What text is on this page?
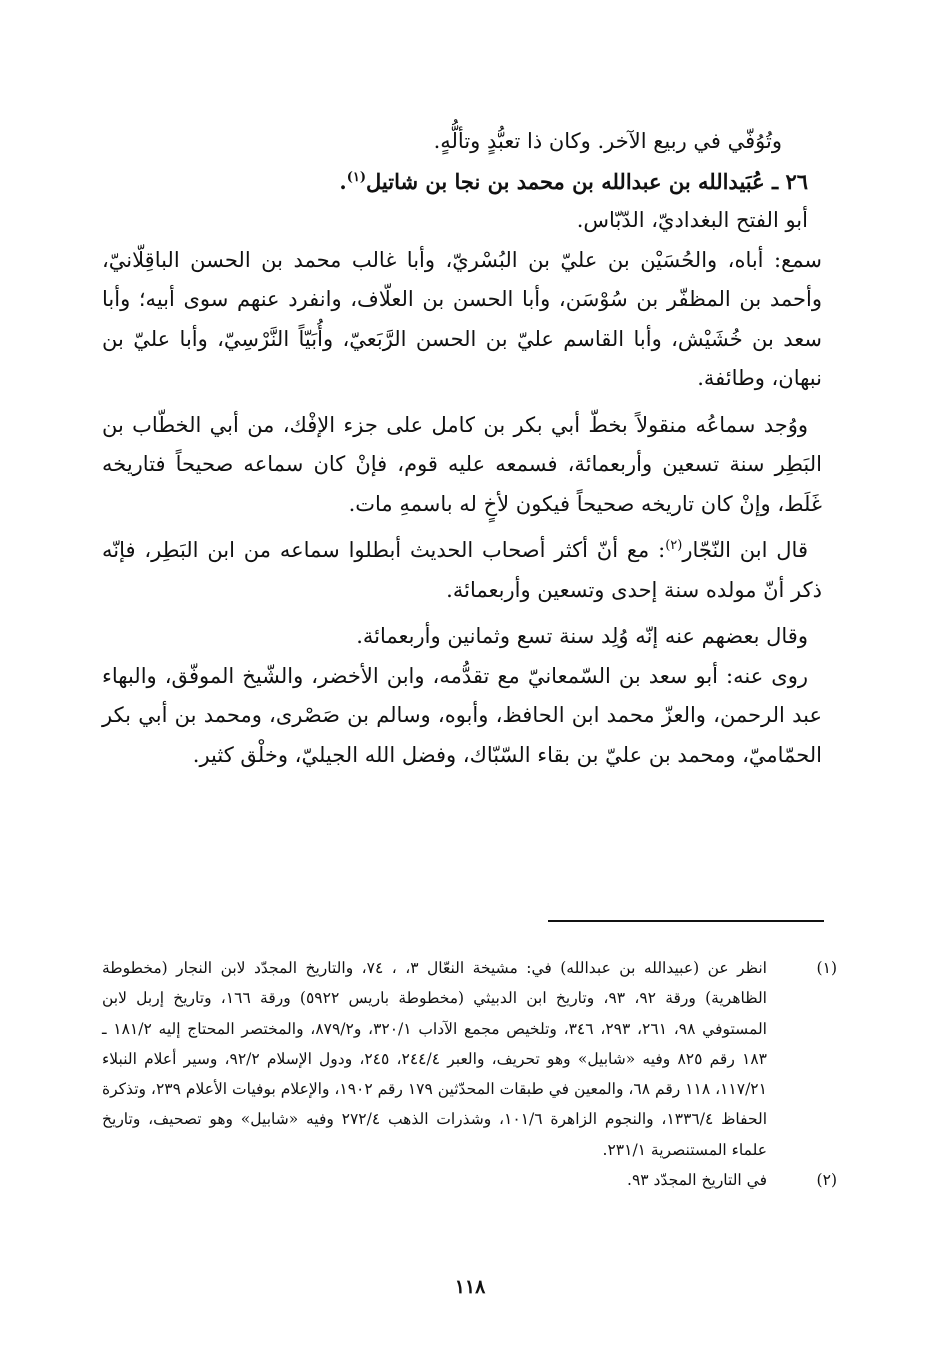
وتُوُفّي في ربيع الآخر. وكان ذا تعبُّدٍ وتألُّهٍ.

٢٦ ـ عُبَيدالله بن عبدالله بن محمد بن نجا بن شاتيل$^{(١)}$.

أبو الفتح البغداديّ، الدّبّاس.

سمع: أباه، والحُسَيْن بن عليّ بن البُسْريّ، وأبا غالب محمد بن الحسن الباقِلّانيّ، وأحمد بن المظفّر بن سُوْسَن، وأبا الحسن بن العلّاف، وانفرد عنهم سوى أبيه؛ وأبا سعد بن خُشَيْش، وأبا القاسم عليّ بن الحسن الرَّبَعيّ، وأُبَيّاً النَّرْسِيّ، وأبا عليّ بن نبهان، وطائفة.

ووُجد سماعُه منقولاً بخطّ أبي بكر بن كامل على جزء الإفْك، من أبي الخطّاب بن البَطِر سنة تسعين وأربعمائة، فسمعه عليه قوم، فإنْ كان سماعه صحيحاً فتاريخه غَلَط، وإنْ كان تاريخه صحيحاً فيكون لأخٍ له باسمهِ مات.

قال ابن النّجّار$^{(٢)}$: مع أنّ أكثر أصحاب الحديث أبطلوا سماعه من ابن البَطِر، فإنّه ذكر أنّ مولده سنة إحدى وتسعين وأربعمائة.

وقال بعضهم عنه إنّه وُلِد سنة تسع وثمانين وأربعمائة.

روى عنه: أبو سعد بن السّمعانيّ مع تقدُّمه، وابن الأخضر، والشّيخ الموفّق، والبهاء عبد الرحمن، والعزّ محمد ابن الحافظ، وأبوه، وسالم بن صَصْرى، ومحمد بن أبي بكر الحمّاميّ، ومحمد بن عليّ بن بقاء السّبّاك، وفضل الله الجيليّ، وخلْق كثير.

(١)
انظر عن (عبيدالله بن عبدالله) في: مشيخة النعّال ٣، ، ٧٤، والتاريخ المجدّد لابن النجار (مخطوطة الظاهرية) ورقة ٩٢، ٩٣، وتاريخ ابن الدبيثي (مخطوطة باريس ٥٩٢٢) ورقة ١٦٦، وتاريخ إربل لابن المستوفي ٩٨، ٢٦١، ٢٩٣، ٣٤٦، وتلخيص مجمع الآداب ٣٢٠/١، و٨٧٩/٢، والمختصر المحتاج إليه ١٨١/٢ ـ ١٨٣ رقم ٨٢٥ وفيه «شابيل» وهو تحريف، والعبر ٢٤٤/٤، ٢٤٥، ودول الإسلام ٩٢/٢، وسير أعلام النبلاء ١١٧/٢١، ١١٨ رقم ٦٨، والمعين في طبقات المحدّثين ١٧٩ رقم ١٩٠٢، والإعلام بوفيات الأعلام ٢٣٩، وتذكرة الحفاظ ١٣٣٦/٤، والنجوم الزاهرة ١٠١/٦، وشذرات الذهب ٢٧٢/٤ وفيه «شابيل» وهو تصحيف، وتاريخ علماء المستنصرية ٢٣١/١.
(٢)
في التاريخ المجدّد ٩٣.
١١٨
